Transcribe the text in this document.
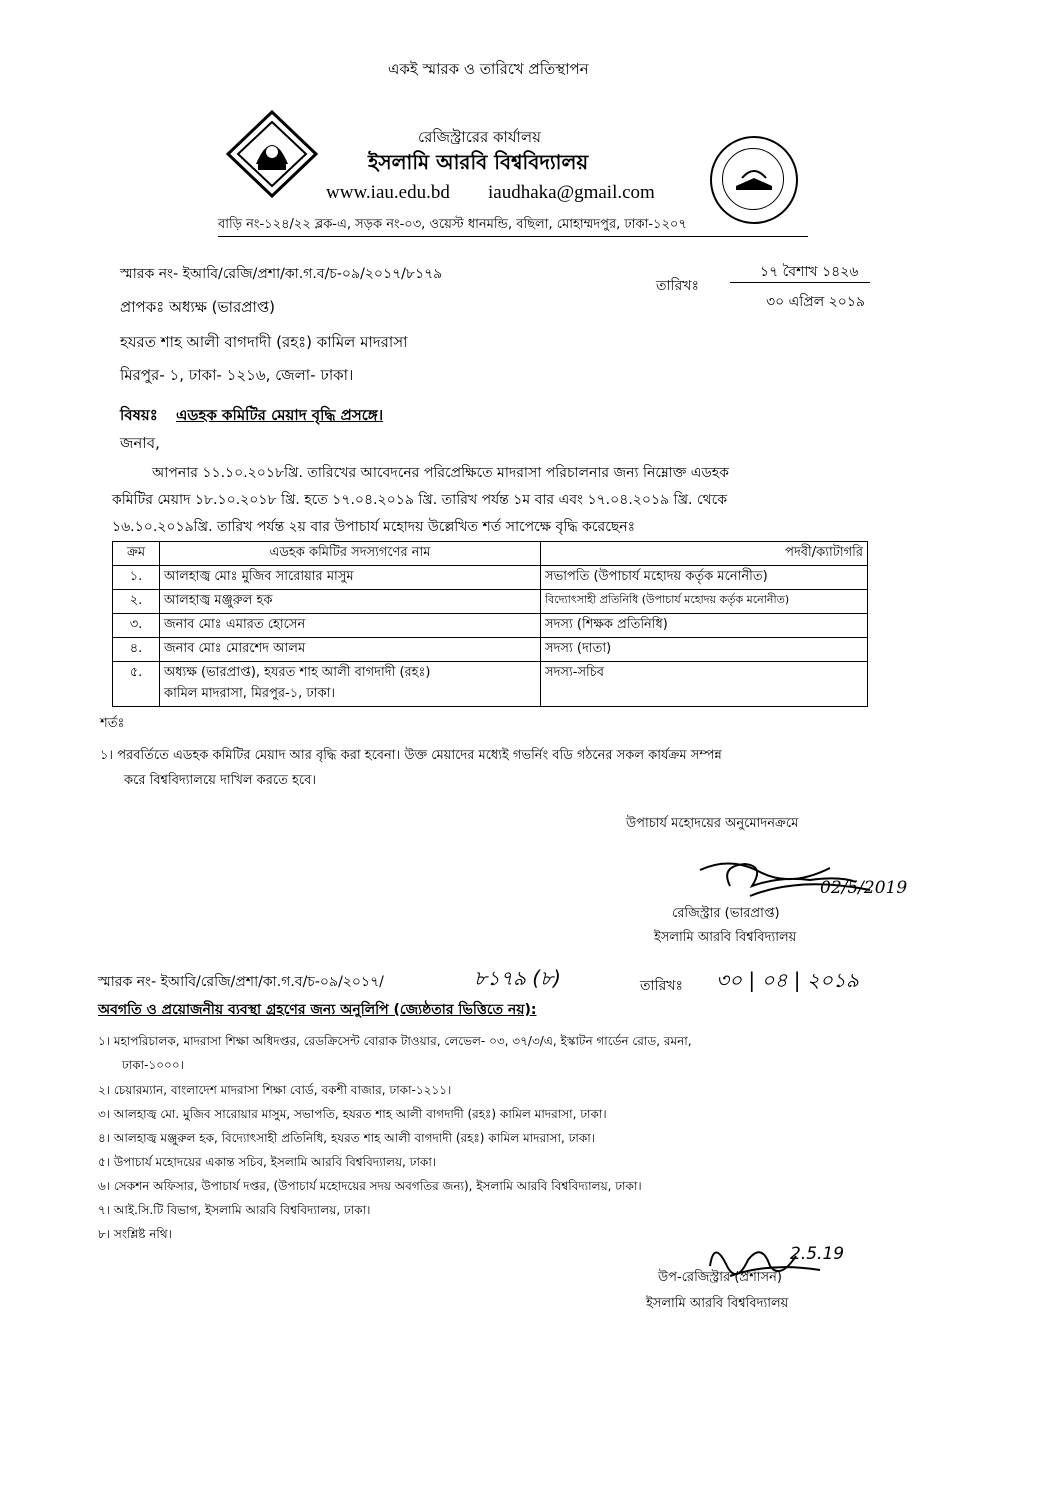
একই স্মারক ও তারিখে প্রতিস্থাপন
রেজিস্ট্রারের কার্যালয়
ইসলামি আরবি বিশ্ববিদ্যালয়
www.iau.edu.bd iaudhaka@gmail.com
বাড়ি নং-১২৪/২২ ব্লক-এ, সড়ক নং-০৩, ওয়েস্ট ধানমন্ডি, বছিলা, মোহাম্মদপুর, ঢাকা-১২০৭
স্মারক নং- ইআবি/রেজি/প্রশা/কা.গ.ব/চ-০৯/২০১৭/৮১৭৯
তারিখঃ
১৭ বৈশাখ ১৪২৬
৩০ এপ্রিল ২০১৯
প্রাপকঃ অধ্যক্ষ (ভারপ্রাপ্ত)
হযরত শাহ আলী বাগদাদী (রহঃ) কামিল মাদরাসা
মিরপুর- ১, ঢাকা- ১২১৬, জেলা- ঢাকা।
বিষয়ঃ এডহক কমিটির মেয়াদ বৃদ্ধি প্রসঙ্গে।
জনাব,
আপনার ১১.১০.২০১৮খ্রি. তারিখের আবেদনের পরিপ্রেক্ষিতে মাদরাসা পরিচালনার জন্য নিম্নোক্ত এডহক
কমিটির মেয়াদ ১৮.১০.২০১৮ খ্রি. হতে ১৭.০৪.২০১৯ খ্রি. তারিখ পর্যন্ত ১ম বার এবং ১৭.০৪.২০১৯ খ্রি. থেকে
১৬.১০.২০১৯খ্রি. তারিখ পর্যন্ত ২য় বার উপাচার্য মহোদয় উল্লেখিত শর্ত সাপেক্ষে বৃদ্ধি করেছেনঃ
ক্রম	এডহক কমিটির সদস্যগণের নাম	পদবী/ক্যাটাগরি
১.	আলহাজ্ব মোঃ মুজিব সারোয়ার মাসুম	সভাপতি (উপাচার্য মহোদয় কর্তৃক মনোনীত)
২.	আলহাজ্ব মঞ্জুরুল হক	বিদ্যোৎসাহী প্রতিনিধি (উপাচার্য মহোদয় কর্তৃক মনোনীত)
৩.	জনাব মোঃ এমারত হোসেন	সদস্য (শিক্ষক প্রতিনিধি)
৪.	জনাব মোঃ মোরশেদ আলম	সদস্য (দাতা)
৫.	অধ্যক্ষ (ভারপ্রাপ্ত), হযরত শাহ আলী বাগদাদী (রহঃ)
কামিল মাদরাসা, মিরপুর-১, ঢাকা।	সদস্য-সচিব
শর্তঃ
১। পরবর্তিতে এডহক কমিটির মেয়াদ আর বৃদ্ধি করা হবেনা। উক্ত মেয়াদের মধ্যেই গভর্নিং বডি গঠনের সকল কার্যক্রম সম্পন্ন
করে বিশ্ববিদ্যালয়ে দাখিল করতে হবে।
উপাচার্য মহোদয়ের অনুমোদনক্রমে
02/5/2019
রেজিস্ট্রার (ভারপ্রাপ্ত)
ইসলামি আরবি বিশ্ববিদ্যালয়
স্মারক নং- ইআবি/রেজি/প্রশা/কা.গ.ব/চ-০৯/২০১৭/	৮১৭৯ (৮)	তারিখঃ ৩০ | ০৪ | ২০১৯
অবগতি ও প্রয়োজনীয় ব্যবস্থা গ্রহণের জন্য অনুলিপি (জ্যেষ্ঠতার ভিত্তিতে নয়):
১। মহাপরিচালক, মাদরাসা শিক্ষা অধিদপ্তর, রেডক্রিসেন্ট বোরাক টাওয়ার, লেভেল- ০৩, ৩৭/৩/এ, ইস্কাটন গার্ডেন রোড, রমনা,
ঢাকা-১০০০।
২। চেয়ারম্যান, বাংলাদেশ মাদরাসা শিক্ষা বোর্ড, বকশী বাজার, ঢাকা-১২১১।
৩। আলহাজ্ব মো. মুজিব সারোয়ার মাসুম, সভাপতি, হযরত শাহ আলী বাগদাদী (রহঃ) কামিল মাদরাসা, ঢাকা।
৪। আলহাজ্ব মঞ্জুরুল হক, বিদ্যোৎসাহী প্রতিনিধি, হযরত শাহ আলী বাগদাদী (রহঃ) কামিল মাদরাসা, ঢাকা।
৫। উপাচার্য মহোদয়ের একান্ত সচিব, ইসলামি আরবি বিশ্ববিদ্যালয়, ঢাকা।
৬। সেকশন অফিসার, উপাচার্য দপ্তর, (উপাচার্য মহোদয়ের সদয় অবগতির জন্য), ইসলামি আরবি বিশ্ববিদ্যালয়, ঢাকা।
৭। আই.সি.টি বিভাগ, ইসলামি আরবি বিশ্ববিদ্যালয়, ঢাকা।
৮। সংশ্লিষ্ট নথি।
2.5.19
উপ-রেজিস্ট্রার (প্রশাসন)
ইসলামি আরবি বিশ্ববিদ্যালয়
